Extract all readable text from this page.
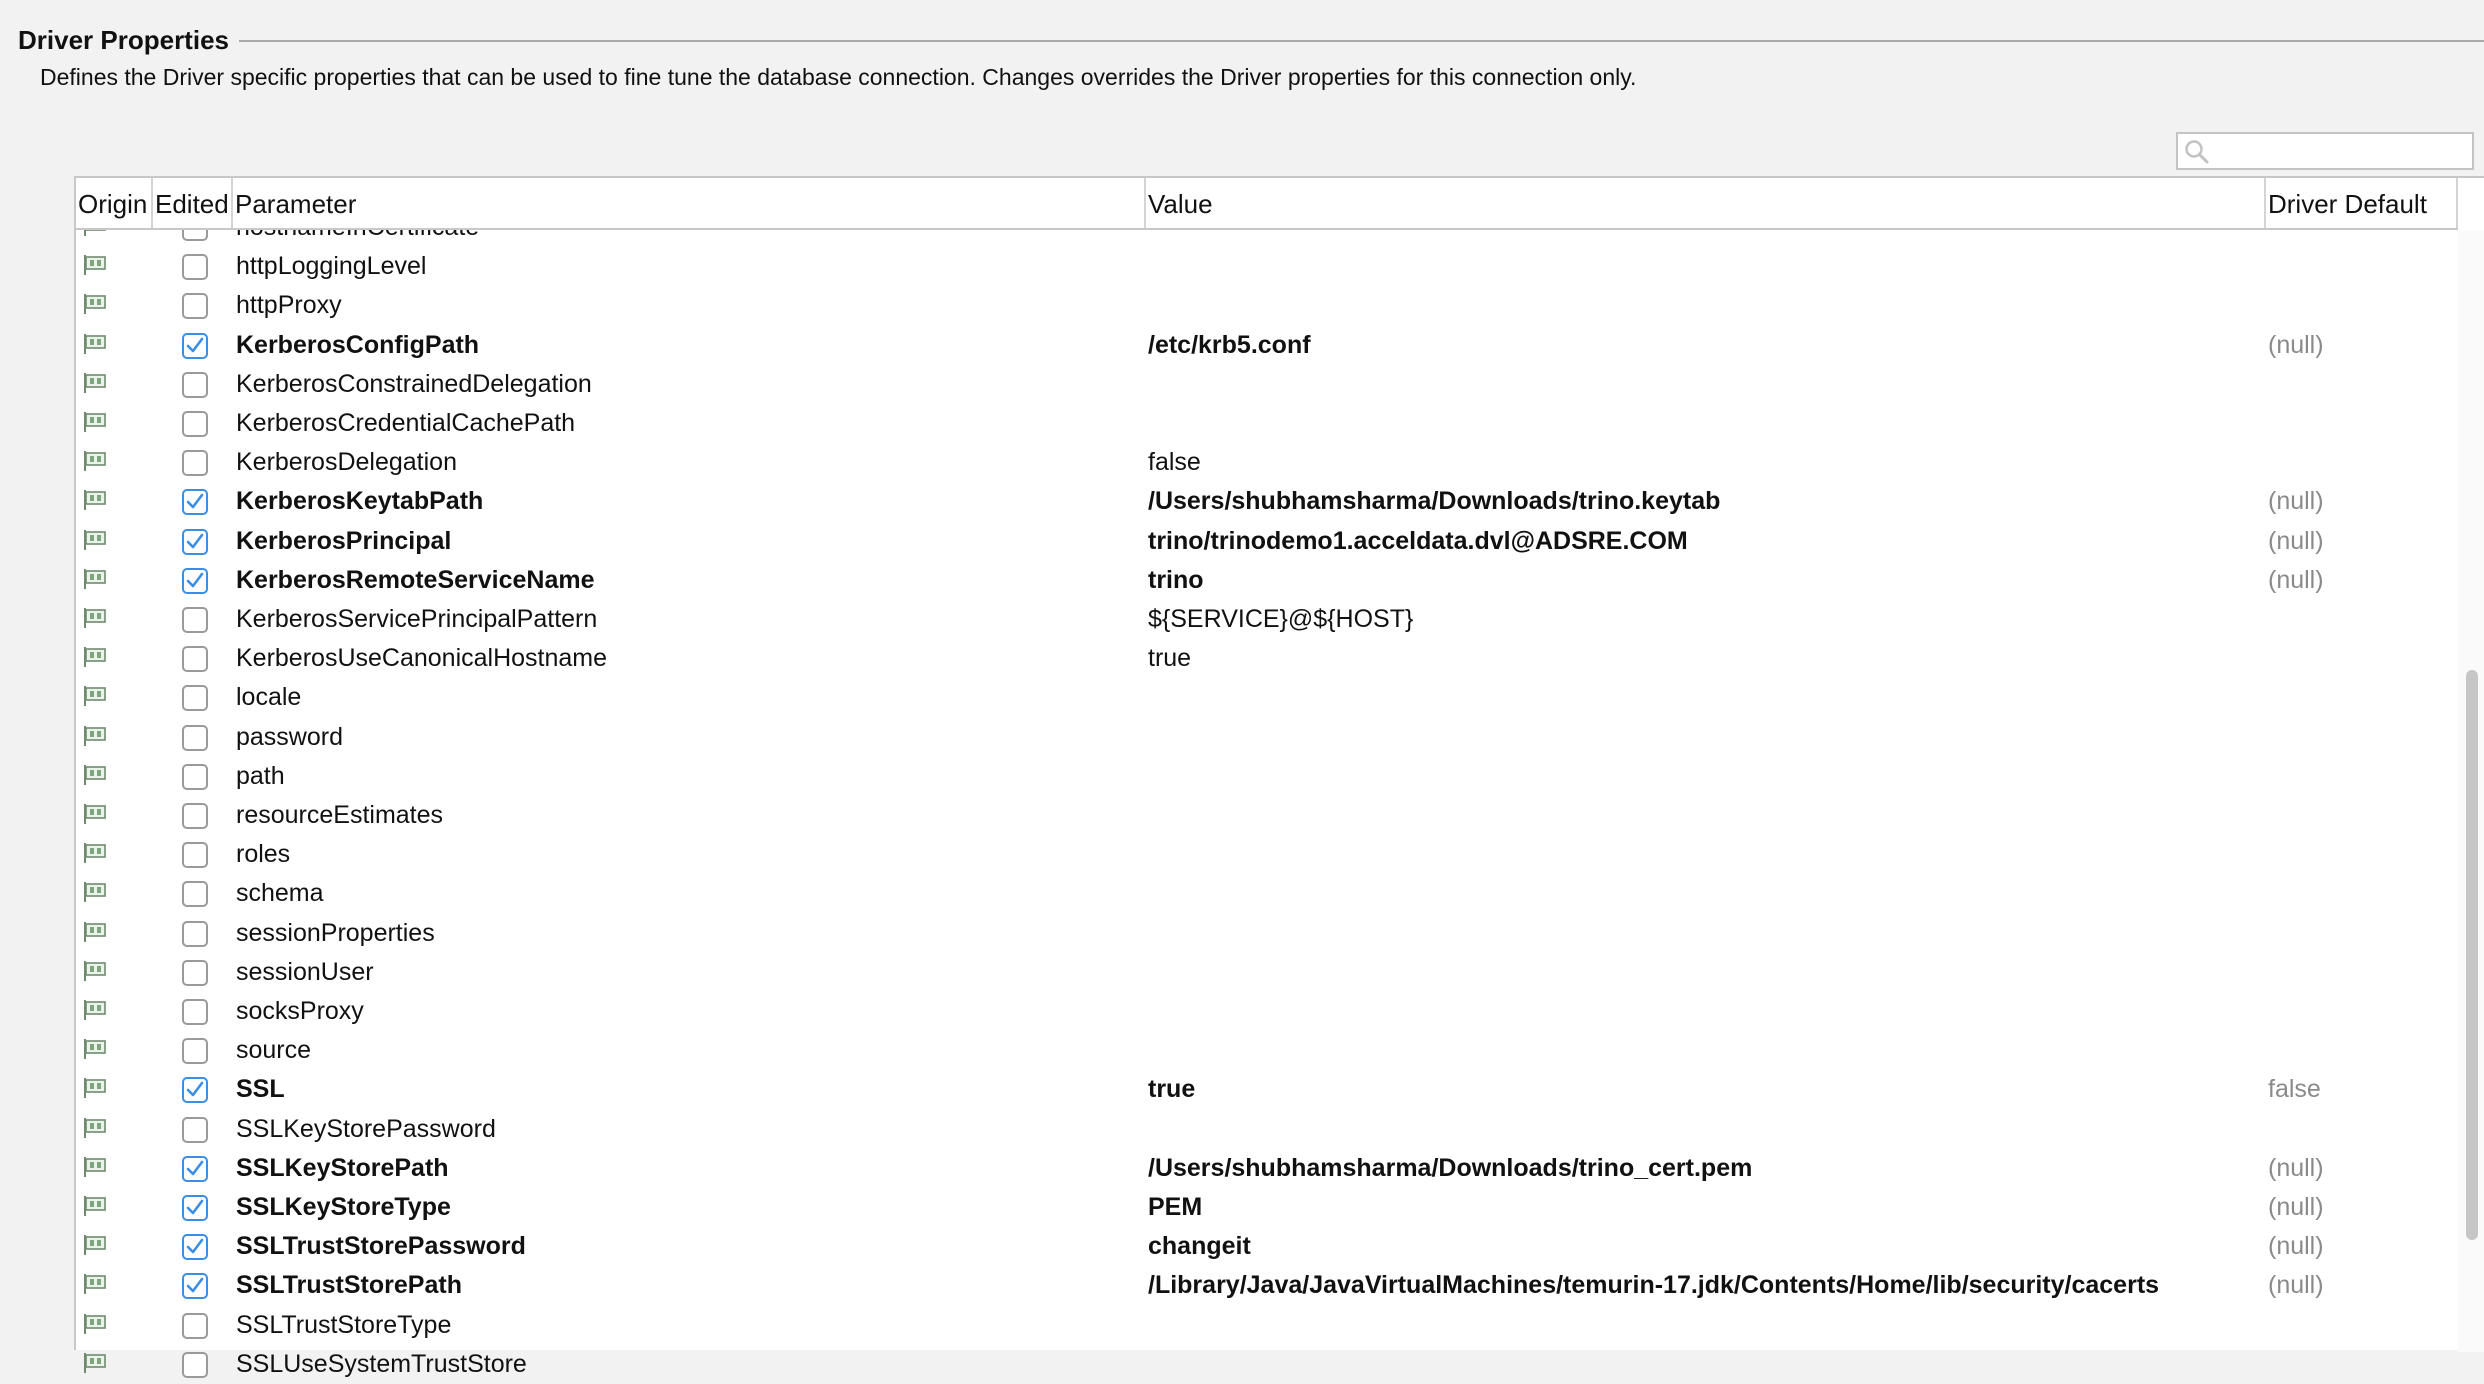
Driver Properties
Defines the Driver specific properties that can be used to fine tune the database connection. Changes overrides the Driver properties for this connection only.
Origin Edited Parameter	Value	Driver Default
httpLoggingLevel
httpProxy
KerberosConfigPath	/etc/krb5.conf	(null)
KerberosConstrainedDelegation
KerberosCredentialCachePath
KerberosDelegation	false
KerberosKeytabPath	/Users/shubhamsharma/Downloads/trino.keytab	(null)
KerberosPrincipal	trino/trinodemo1.acceldata.dvl@ADSRE.COM	(null)
KerberosRemoteServiceName	trino	(null)
KerberosServicePrincipalPattern	${SERVICE}@${HOST}
KerberosUseCanonicalHostname	true
locale
password
path
resourceEstimates
roles
schema
sessionProperties
sessionUser
socksProxy
source
SSL	true	false
SSLKeyStorePassword
SSLKeyStorePath	/Users/shubhamsharma/Downloads/trino_cert.pem	(null)
SSLKeyStoreType	PEM	(null)
SSLTrustStorePassword	changeit	(null)
SSLTrustStorePath	/Library/Java/JavaVirtualMachines/temurin-17.jdk/Contents/Home/lib/security/cacerts	(null)
SSLTrustStoreType
SSLUseSystemTrustStore
